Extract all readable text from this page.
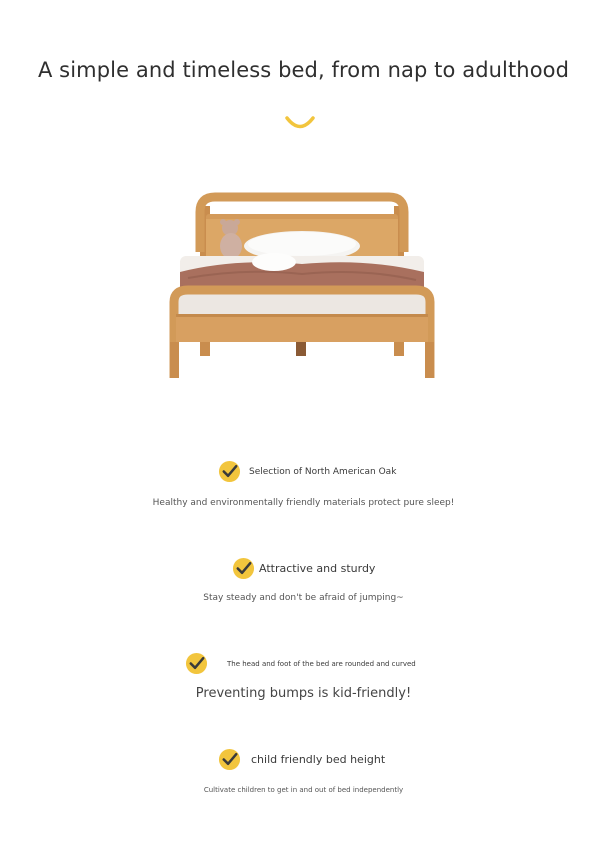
A simple and timeless bed, from nap to adulthood
Selection of North American Oak
Healthy and environmentally friendly materials protect pure sleep!
Attractive and sturdy
Stay steady and don't be afraid of jumping~
The head and foot of the bed are rounded and curved
Preventing bumps is kid-friendly!
child friendly bed height
Cultivate children to get in and out of bed independently
